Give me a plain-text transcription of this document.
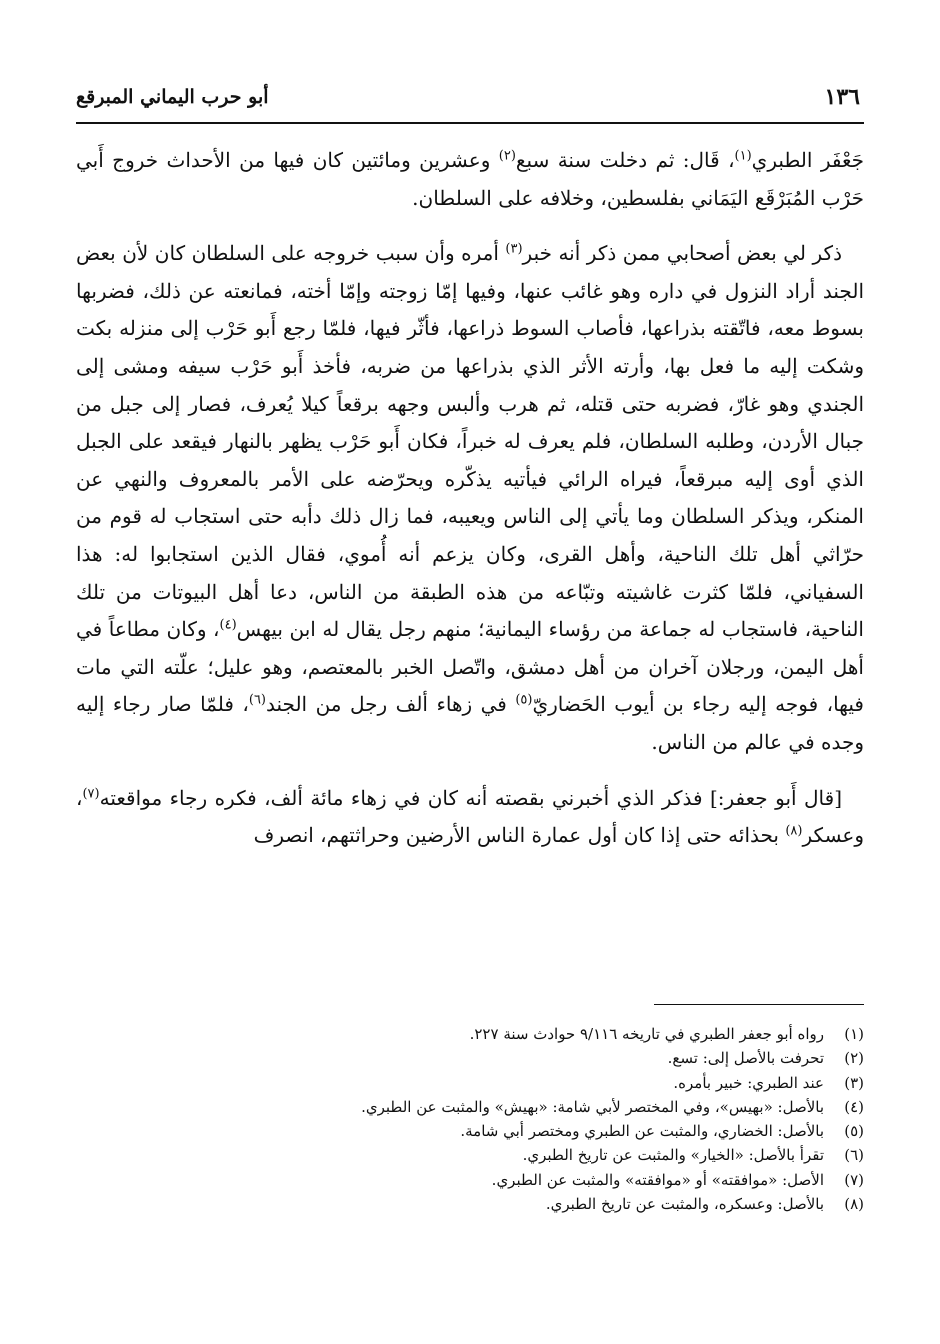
١٣٦
أبو حرب اليماني المبرقع

جَعْفَر الطبري$^{(١)}$، قَال: ثم دخلت سنة سبع$^{(٢)}$ وعشرين ومائتين كان فيها من الأحداث خروج أَبي حَرْب المُبَرْقَع اليَمَاني بفلسطين، وخلافه على السلطان.

ذكر لي بعض أصحابي ممن ذكر أنه خبر$^{(٣)}$ أمره وأن سبب خروجه على السلطان كان لأن بعض الجند أراد النزول في داره وهو غائب عنها، وفيها إمّا زوجته وإمّا أخته، فمانعته عن ذلك، فضربها بسوط معه، فاتّقته بذراعها، فأصاب السوط ذراعها، فأثّر فيها، فلمّا رجع أَبو حَرْب إلى منزله بكت وشكت إليه ما فعل بها، وأرته الأثر الذي بذراعها من ضربه، فأخذ أَبو حَرْب سيفه ومشى إلى الجندي وهو غارّ، فضربه حتى قتله، ثم هرب وألبس وجهه برقعاً كيلا يُعرف، فصار إلى جبل من جبال الأردن، وطلبه السلطان، فلم يعرف له خبراً، فكان أَبو حَرْب يظهر بالنهار فيقعد على الجبل الذي أوى إليه مبرقعاً، فيراه الرائي فيأتيه يذكّره ويحرّضه على الأمر بالمعروف والنهي عن المنكر، ويذكر السلطان وما يأتي إلى الناس ويعيبه، فما زال ذلك دأبه حتى استجاب له قوم من حرّاثي أهل تلك الناحية، وأهل القرى، وكان يزعم أنه أُموي، فقال الذين استجابوا له: هذا السفياني، فلمّا كثرت غاشيته وتبّاعه من هذه الطبقة من الناس، دعا أهل البيوتات من تلك الناحية، فاستجاب له جماعة من رؤساء اليمانية؛ منهم رجل يقال له ابن بيهس$^{(٤)}$، وكان مطاعاً في أهل اليمن، ورجلان آخران من أهل دمشق، واتّصل الخبر بالمعتصم، وهو عليل؛ علّته التي مات فيها، فوجه إليه رجاء بن أيوب الحَضاريّ$^{(٥)}$ في زهاء ألف رجل من الجند$^{(٦)}$، فلمّا صار رجاء إليه وجده في عالم من الناس.

[قال أَبو جعفر:] فذكر الذي أخبرني بقصته أنه كان في زهاء مائة ألف، فكره رجاء مواقعته$^{(٧)}$، وعسكر$^{(٨)}$ بحذائه حتى إذا كان أول عمارة الناس الأرضين وحراثتهم، انصرف

(١)رواه أبو جعفر الطبري في تاريخه ٩/١١٦ حوادث سنة ٢٢٧.
(٢)تحرفت بالأصل إلى: تسع.
(٣)عند الطبري: خبير بأمره.
(٤)بالأصل: «بهيس»، وفي المختصر لأبي شامة: «بهيش» والمثبت عن الطبري.
(٥)بالأصل: الخضاري، والمثبت عن الطبري ومختصر أبي شامة.
(٦)تقرأ بالأصل: «الخيار» والمثبت عن تاريخ الطبري.
(٧)الأصل: «موافقته» أو «موافقته» والمثبت عن الطبري.
(٨)بالأصل: وعسكره، والمثبت عن تاريخ الطبري.
